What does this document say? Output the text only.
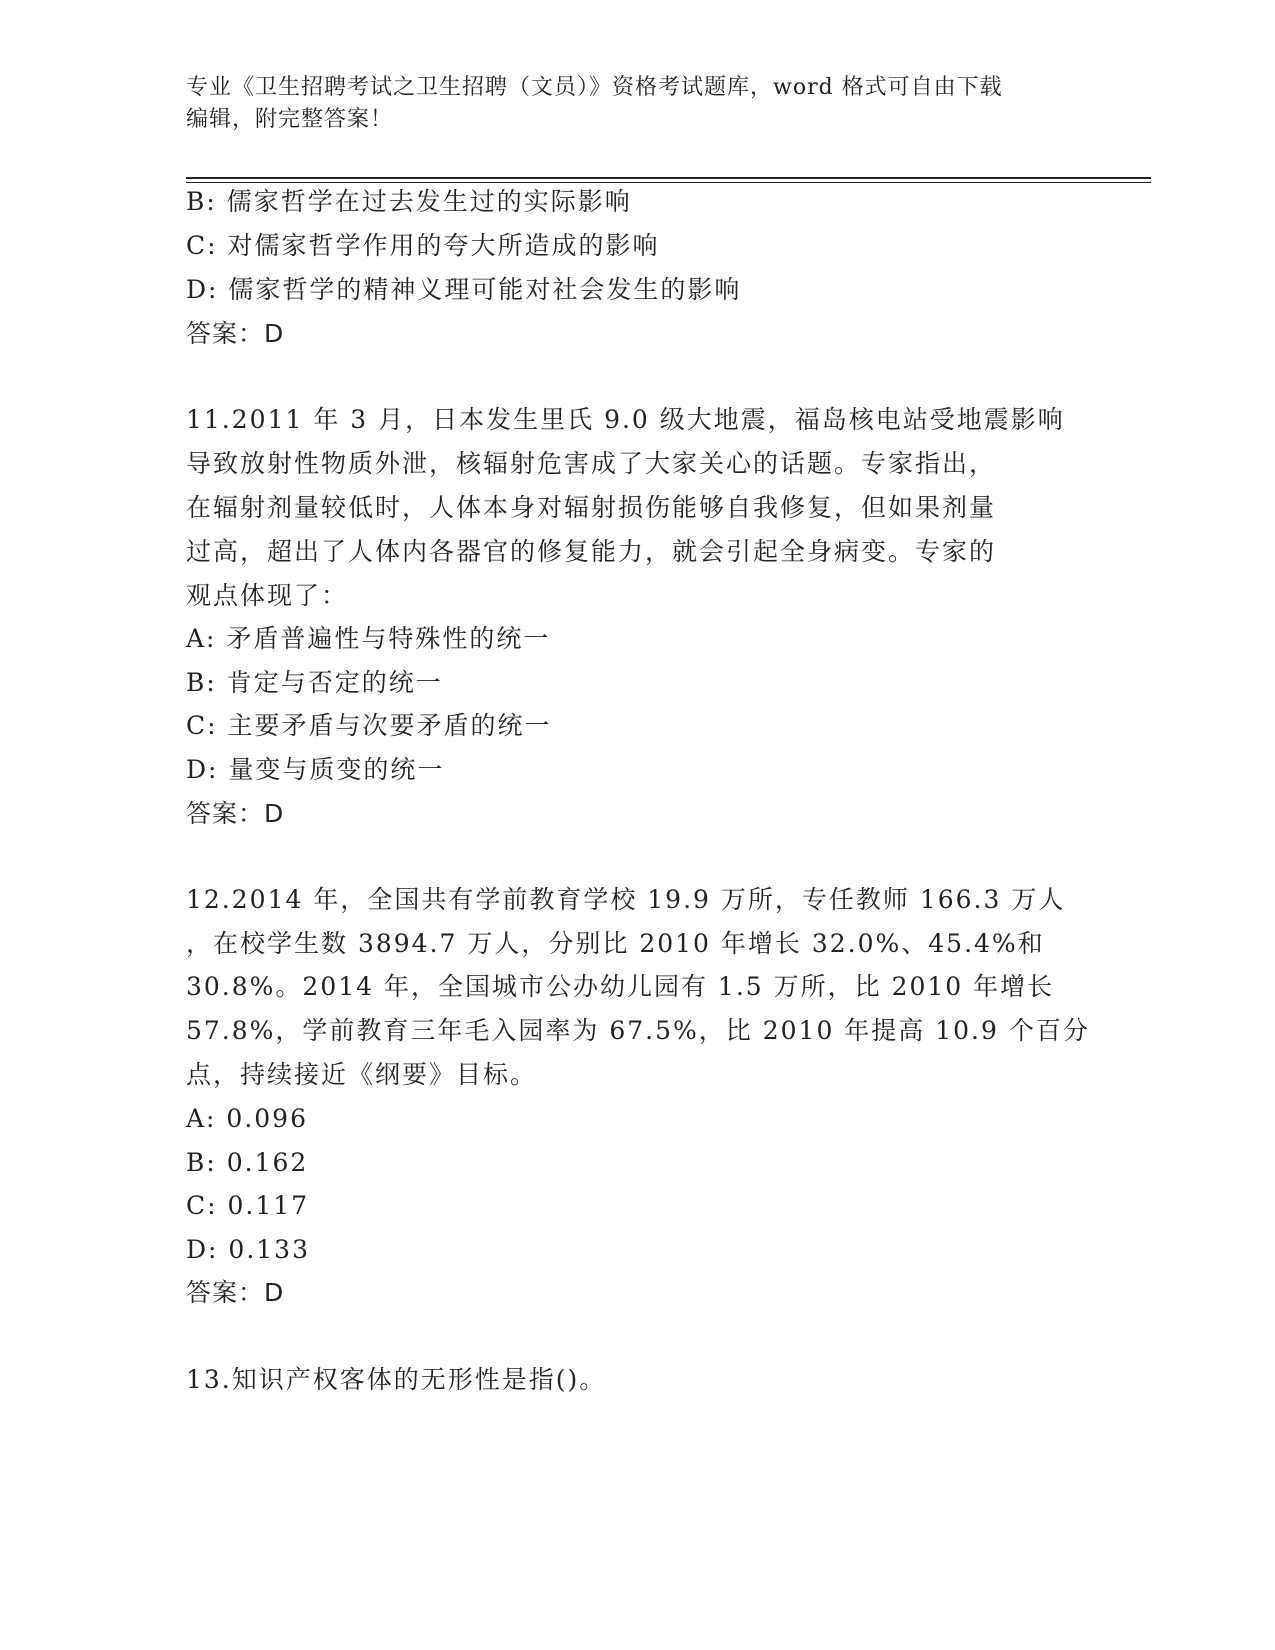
专业《卫生招聘考试之卫生招聘（文员）》资格考试题库，word 格式可自由下载
编辑，附完整答案！
B: 儒家哲学在过去发生过的实际影响
C: 对儒家哲学作用的夸大所造成的影响
D: 儒家哲学的精神义理可能对社会发生的影响
答案：D
11.2011 年 3 月，日本发生里氏 9.0 级大地震，福岛核电站受地震影响
导致放射性物质外泄，核辐射危害成了大家关心的话题。专家指出，
在辐射剂量较低时，人体本身对辐射损伤能够自我修复，但如果剂量
过高，超出了人体内各器官的修复能力，就会引起全身病变。专家的
观点体现了：
A: 矛盾普遍性与特殊性的统一
B: 肯定与否定的统一
C: 主要矛盾与次要矛盾的统一
D: 量变与质变的统一
答案：D
12.2014 年，全国共有学前教育学校 19.9 万所，专任教师 166.3 万人
，在校学生数 3894.7 万人，分别比 2010 年增长 32.0%、45.4%和
30.8%。2014 年，全国城市公办幼儿园有 1.5 万所，比 2010 年增长
57.8%，学前教育三年毛入园率为 67.5%，比 2010 年提高 10.9 个百分
点，持续接近《纲要》目标。
A: 0.096
B: 0.162
C: 0.117
D: 0.133
答案：D
13.知识产权客体的无形性是指()。
